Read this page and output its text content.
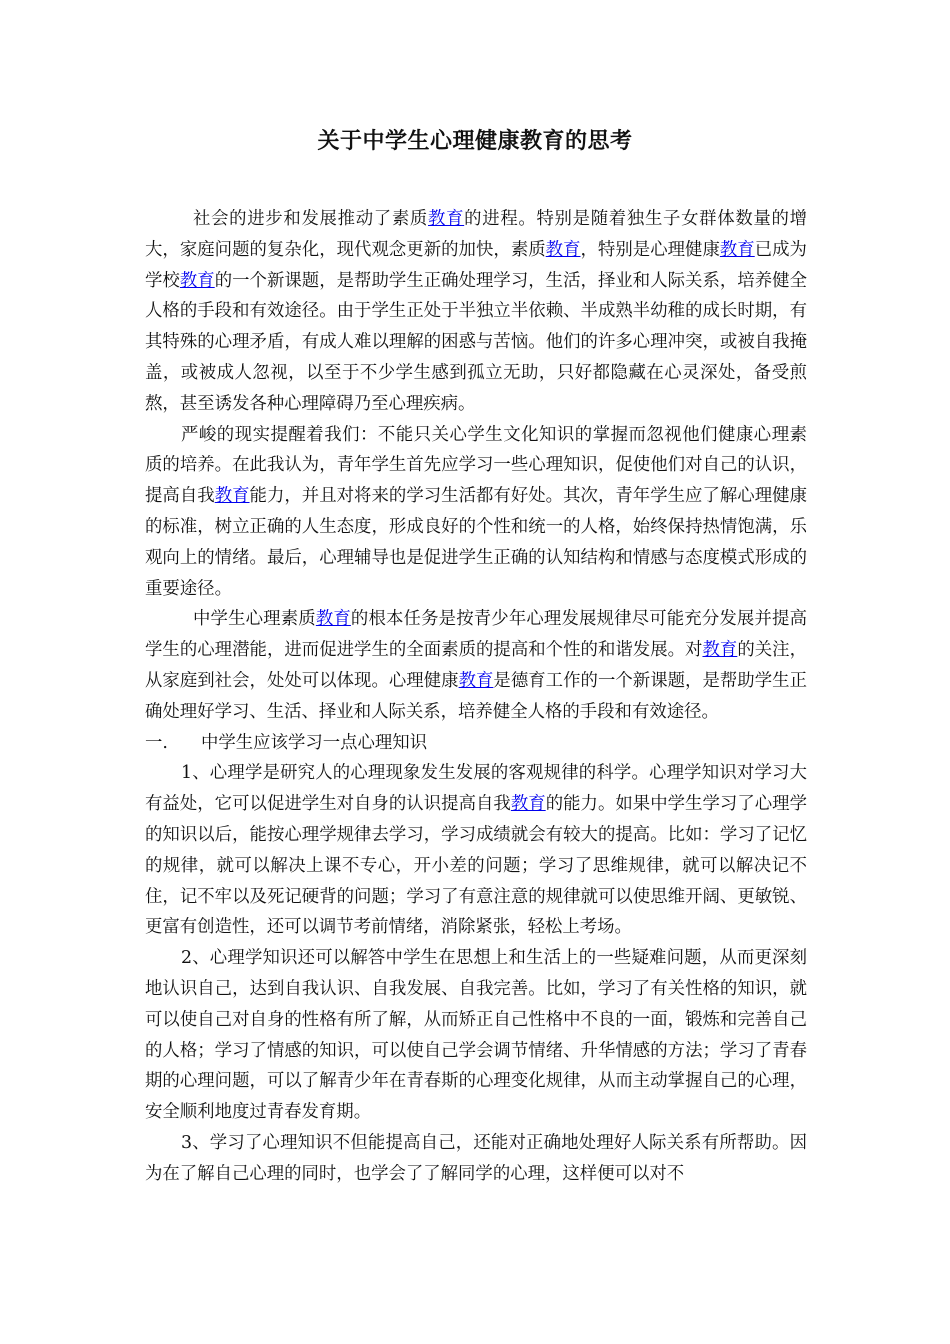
关于中学生心理健康教育的思考

社会的进步和发展推动了素质教育的进程。特别是随着独生子女群体数量的增大，家庭问题的复杂化，现代观念更新的加快，素质教育，特别是心理健康教育已成为学校教育的一个新课题，是帮助学生正确处理学习，生活，择业和人际关系，培养健全人格的手段和有效途径。由于学生正处于半独立半依赖、半成熟半幼稚的成长时期，有其特殊的心理矛盾，有成人难以理解的困惑与苦恼。他们的许多心理冲突，或被自我掩盖，或被成人忽视，以至于不少学生感到孤立无助，只好都隐藏在心灵深处，备受煎熬，甚至诱发各种心理障碍乃至心理疾病。

严峻的现实提醒着我们：不能只关心学生文化知识的掌握而忽视他们健康心理素质的培养。在此我认为，青年学生首先应学习一些心理知识，促使他们对自己的认识，提高自我教育能力，并且对将来的学习生活都有好处。其次，青年学生应了解心理健康的标准，树立正确的人生态度，形成良好的个性和统一的人格，始终保持热情饱满，乐观向上的情绪。最后，心理辅导也是促进学生正确的认知结构和情感与态度模式形成的重要途径。

中学生心理素质教育的根本任务是按青少年心理发展规律尽可能充分发展并提高学生的心理潜能，进而促进学生的全面素质的提高和个性的和谐发展。对教育的关注，从家庭到社会，处处可以体现。心理健康教育是德育工作的一个新课题，是帮助学生正确处理好学习、生活、择业和人际关系，培养健全人格的手段和有效途径。

一. 中学生应该学习一点心理知识

1、心理学是研究人的心理现象发生发展的客观规律的科学。心理学知识对学习大有益处，它可以促进学生对自身的认识提高自我教育的能力。如果中学生学习了心理学的知识以后，能按心理学规律去学习，学习成绩就会有较大的提高。比如：学习了记忆的规律，就可以解决上课不专心，开小差的问题；学习了思维规律，就可以解决记不住，记不牢以及死记硬背的问题；学习了有意注意的规律就可以使思维开阔、更敏锐、更富有创造性，还可以调节考前情绪，消除紧张，轻松上考场。

2、心理学知识还可以解答中学生在思想上和生活上的一些疑难问题，从而更深刻地认识自己，达到自我认识、自我发展、自我完善。比如，学习了有关性格的知识，就可以使自己对自身的性格有所了解，从而矫正自己性格中不良的一面，锻炼和完善自己的人格；学习了情感的知识，可以使自己学会调节情绪、升华情感的方法；学习了青春期的心理问题，可以了解青少年在青春斯的心理变化规律，从而主动掌握自己的心理，安全顺利地度过青春发育期。

3、学习了心理知识不但能提高自己，还能对正确地处理好人际关系有所帮助。因为在了解自己心理的同时，也学会了了解同学的心理，这样便可以对不
